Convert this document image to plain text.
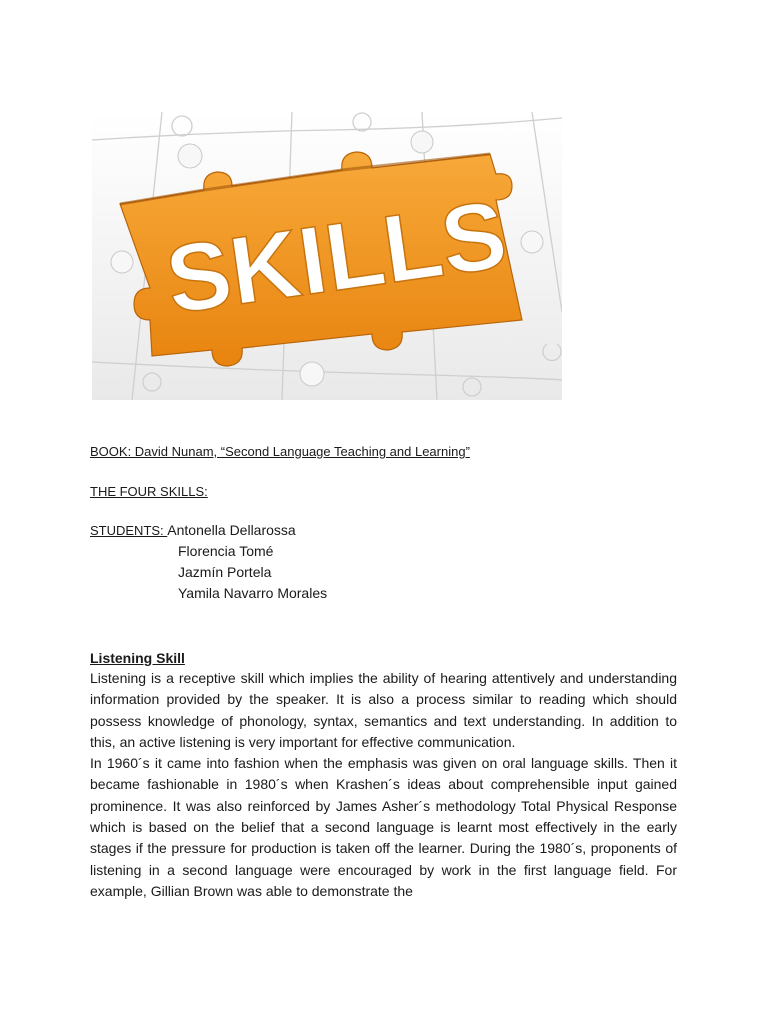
SKILLS
BOOK: David Nunam, “Second Language Teaching and Learning”
THE FOUR SKILLS:
STUDENTS: Antonella Dellarossa
Florencia Tomé
Jazmín Portela
Yamila Navarro Morales
Listening Skill

Listening is a receptive skill which implies the ability of hearing attentively and understanding information provided by the speaker. It is also a process similar to reading which should possess knowledge of phonology, syntax, semantics and text understanding. In addition to this, an active listening is very important for effective communication.

In 1960´s it came into fashion when the emphasis was given on oral language skills. Then it became fashionable in 1980´s when Krashen´s ideas about comprehensible input gained prominence. It was also reinforced by James Asher´s methodology Total Physical Response which is based on the belief that a second language is learnt most effectively in the early stages if the pressure for production is taken off the learner. During the 1980´s, proponents of listening in a second language were encouraged by work in the first language field. For example, Gillian Brown was able to demonstrate the
